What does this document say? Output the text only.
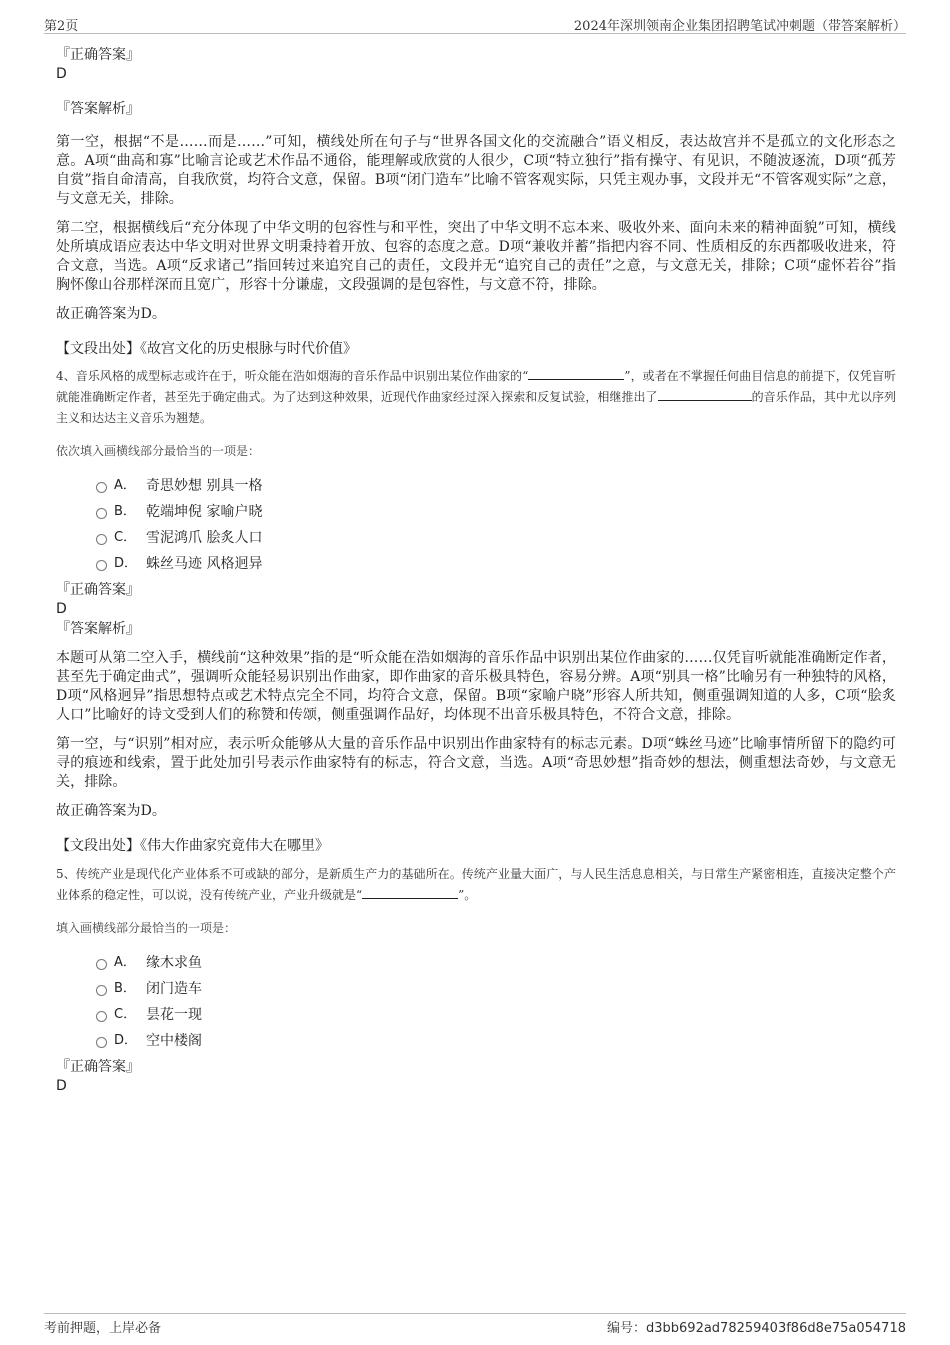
第2页	2024年深圳领南企业集团招聘笔试冲刺题（带答案解析）

『正确答案』

D

『答案解析』

第一空，根据“不是……而是……”可知，横线处所在句子与“世界各国文化的交流融合”语义相反，表达故宫并不是孤立的文化形态之意。A项“曲高和寡”比喻言论或艺术作品不通俗，能理解或欣赏的人很少，C项“特立独行”指有操守、有见识，不随波逐流，D项“孤芳自赏”指自命清高，自我欣赏，均符合文意，保留。B项“闭门造车”比喻不管客观实际，只凭主观办事，文段并无“不管客观实际”之意，与文意无关，排除。

第二空，根据横线后“充分体现了中华文明的包容性与和平性，突出了中华文明不忘本来、吸收外来、面向未来的精神面貌”可知，横线处所填成语应表达中华文明对世界文明秉持着开放、包容的态度之意。D项“兼收并蓄”指把内容不同、性质相反的东西都吸收进来，符合文意，当选。A项“反求诸己”指回转过来追究自己的责任，文段并无“追究自己的责任”之意，与文意无关，排除；C项“虚怀若谷”指胸怀像山谷那样深而且宽广，形容十分谦虚，文段强调的是包容性，与文意不符，排除。

故正确答案为D。

【文段出处】《故宫文化的历史根脉与时代价值》

4、音乐风格的成型标志或许在于，听众能在浩如烟海的音乐作品中识别出某位作曲家的“	”，或者在不掌握任何曲目信息的前提下，仅凭盲听就能准确断定作者，甚至先于确定曲式。为了达到这种效果，近现代作曲家经过深入探索和反复试验，相继推出了	的音乐作品，其中尤以序列主义和达达主义音乐为翘楚。

依次填入画横线部分最恰当的一项是：

A． 奇思妙想 别具一格
B． 乾端坤倪 家喻户晓
C． 雪泥鸿爪 脍炙人口
D． 蛛丝马迹 风格迥异

『正确答案』

D

『答案解析』

本题可从第二空入手，横线前“这种效果”指的是“听众能在浩如烟海的音乐作品中识别出某位作曲家的……仅凭盲听就能准确断定作者，甚至先于确定曲式”，强调听众能轻易识别出作曲家，即作曲家的音乐极具特色，容易分辨。A项“别具一格”比喻另有一种独特的风格，D项“风格迥异”指思想特点或艺术特点完全不同，均符合文意，保留。B项“家喻户晓”形容人所共知，侧重强调知道的人多，C项“脍炙人口”比喻好的诗文受到人们的称赞和传颂，侧重强调作品好，均体现不出音乐极具特色，不符合文意，排除。

第一空，与“识别”相对应，表示听众能够从大量的音乐作品中识别出作曲家特有的标志元素。D项“蛛丝马迹”比喻事情所留下的隐约可寻的痕迹和线索，置于此处加引号表示作曲家特有的标志，符合文意，当选。A项“奇思妙想”指奇妙的想法，侧重想法奇妙，与文意无关，排除。

故正确答案为D。

【文段出处】《伟大作曲家究竟伟大在哪里》

5、传统产业是现代化产业体系不可或缺的部分，是新质生产力的基础所在。传统产业量大面广，与人民生活息息相关，与日常生产紧密相连，直接决定整个产业体系的稳定性，可以说，没有传统产业，产业升级就是“	”。

填入画横线部分最恰当的一项是：

A． 缘木求鱼
B． 闭门造车
C． 昙花一现
D． 空中楼阁

『正确答案』

D

考前押题，上岸必备	编号：d3bb692ad78259403f86d8e75a054718
